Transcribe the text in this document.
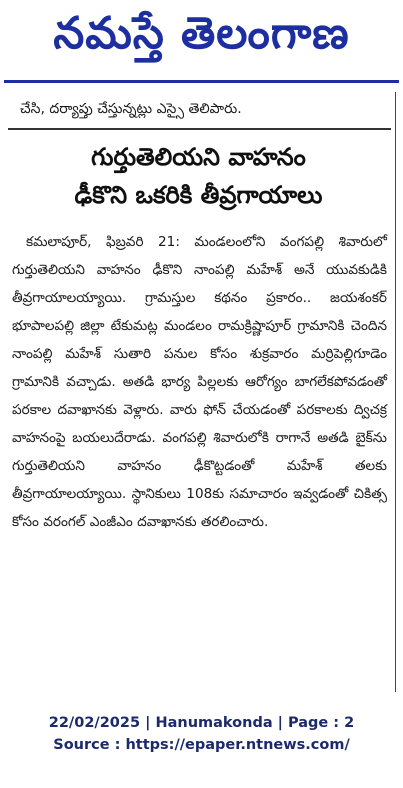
నమస్తే తెలంగాణ
చేసి, దర్యాప్తు చేస్తున్నట్లు ఎస్సై తెలిపారు.
గుర్తుతెలియని వాహనం
ఢీకొని ఒకరికి తీవ్రగాయాలు

కమలాపూర్, ఫిబ్రవరి 21: మండలంలోని వంగపల్లి శివారులో గుర్తుతెలియని వాహనం ఢీకొని నాంపల్లి మహేశ్ అనే యువకుడికి తీవ్రగాయాలయ్యాయి. గ్రామస్తుల కథనం ప్రకారం.. జయశంకర్ భూపాలపల్లి జిల్లా టేకుమట్ల మండలం రామక్రిష్ణాపూర్ గ్రామానికి చెందిన నాంపల్లి మహేశ్ సుతారి పనుల కోసం శుక్రవారం మర్రిపెల్లిగూడెం గ్రామానికి వచ్చాడు. అతడి భార్య పిల్లలకు ఆరోగ్యం బాగలేకపోవడంతో పరకాల దవాఖానకు వెళ్లారు. వారు ఫోన్ చేయడంతో పరకాలకు ద్విచక్ర వాహనంపై బయలుదేరాడు. వంగపల్లి శివారులోకి రాగానే అతడి బైక్‌ను గుర్తుతెలియని వాహనం ఢీకొట్టడంతో మహేశ్ తలకు తీవ్రగాయాలయ్యాయి. స్థానికులు 108కు సమాచారం ఇవ్వడంతో చికిత్స కోసం వరంగల్ ఎంజీఎం దవాఖానకు తరలించారు.

22/02/2025 | Hanumakonda | Page : 2
Source : https://epaper.ntnews.com/
